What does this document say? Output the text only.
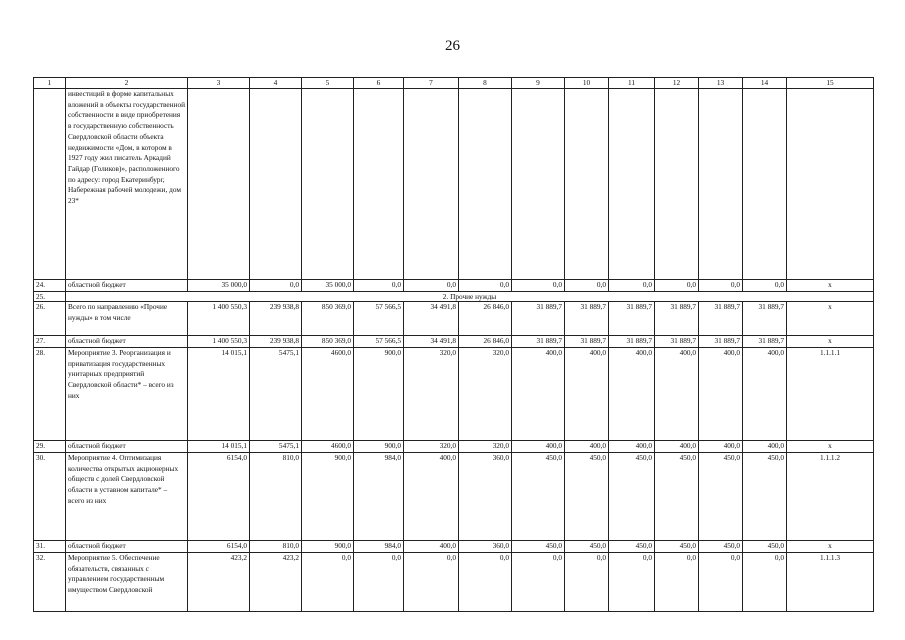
26
1	2	3	4	5	6	7	8	9	10	11	12	13	14	15
	инвестиций в форме капитальных вложений в объекты государственной собственности в виде приобретения в государственную собственность Свердловской области объекта недвижимости «Дом, в котором в 1927 году жил писатель Аркадий Гайдар (Голиков)», расположенного по адресу: город Екатеринбург, Набережная рабочей молодежи, дом 23*													
24.	областной бюджет	35 000,0	0,0	35 000,0	0,0	0,0	0,0	0,0	0,0	0,0	0,0	0,0	0,0	x
25.	2. Прочие нужды													
26.	Всего по направлению «Прочие нужды» в том числе	1 400 550,3	239 938,8	850 369,0	57 566,5	34 491,8	26 846,0	31 889,7	31 889,7	31 889,7	31 889,7	31 889,7	31 889,7	x
27.	областной бюджет	1 400 550,3	239 938,8	850 369,0	57 566,5	34 491,8	26 846,0	31 889,7	31 889,7	31 889,7	31 889,7	31 889,7	31 889,7	x
28.	Мероприятие 3. Реорганизация и приватизация государственных унитарных предприятий Свердловской области* – всего из них	14 015,1	5475,1	4600,0	900,0	320,0	320,0	400,0	400,0	400,0	400,0	400,0	400,0	1.1.1.1
29.	областной бюджет	14 015,1	5475,1	4600,0	900,0	320,0	320,0	400,0	400,0	400,0	400,0	400,0	400,0	x
30.	Мероприятие 4. Оптимизация количества открытых акционерных обществ с долей Свердловской области в уставном капитале* – всего из них	6154,0	810,0	900,0	984,0	400,0	360,0	450,0	450,0	450,0	450,0	450,0	450,0	1.1.1.2
31.	областной бюджет	6154,0	810,0	900,0	984,0	400,0	360,0	450,0	450,0	450,0	450,0	450,0	450,0	x
32.	Мероприятие 5. Обеспечение обязательств, связанных с управлением государственным имуществом Свердловской	423,2	423,2	0,0	0,0	0,0	0,0	0,0	0,0	0,0	0,0	0,0	0,0	1.1.1.3
